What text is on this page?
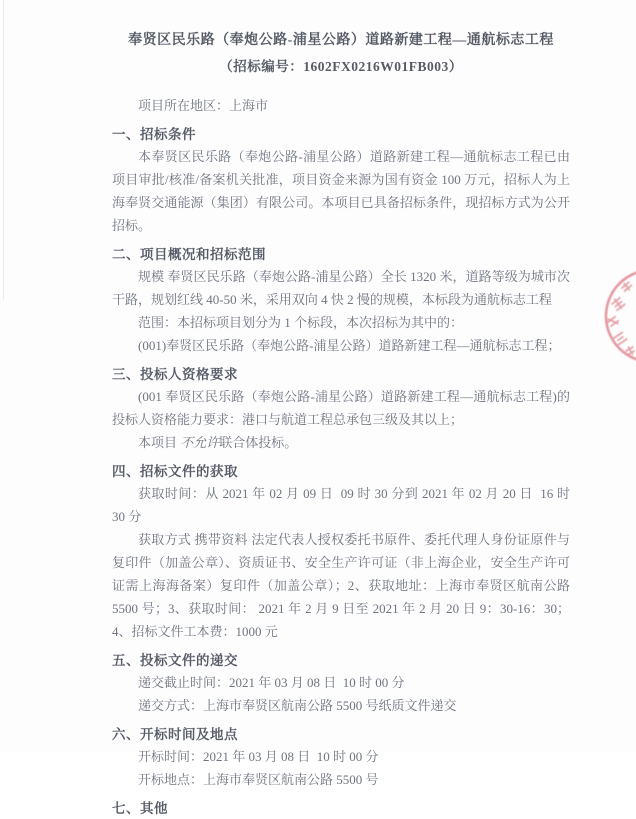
奉贤区民乐路（奉炮公路-浦星公路）道路新建工程—通航标志工程
（招标编号：1602FX0216W01FB003）

项目所在地区：上海市

一、招标条件

本奉贤区民乐路（奉炮公路-浦星公路）道路新建工程—通航标志工程已由项目审批/核准/备案机关批准，项目资金来源为国有资金 100 万元，招标人为上海奉贤交通能源（集团）有限公司。本项目已具备招标条件，现招标方式为公开招标。

二、项目概况和招标范围

规模 奉贤区民乐路（奉炮公路-浦星公路）全长 1320 米，道路等级为城市次干路，规划红线 40-50 米，采用双向 4 快 2 慢的规模，本标段为通航标志工程

范围：本招标项目划分为 1 个标段，本次招标为其中的：

(001)奉贤区民乐路（奉炮公路-浦星公路）道路新建工程—通航标志工程；

三、投标人资格要求

(001 奉贤区民乐路（奉炮公路-浦星公路）道路新建工程—通航标志工程)的投标人资格能力要求：港口与航道工程总承包三级及其以上；

本项目 不允许联合体投标。

四、招标文件的获取

获取时间：从 2021 年 02 月 09 日  09 时 30 分到 2021 年 02 月 20 日  16 时 30 分

获取方式 携带资料 法定代表人授权委托书原件、委托代理人身份证原件与复印件（加盖公章）、资质证书、安全生产许可证（非上海企业，安全生产许可证需上海海备案）复印件（加盖公章）；2、获取地址：上海市奉贤区航南公路 5500 号；3、获取时间： 2021 年 2 月 9 日至 2021 年 2 月 20 日 9：30-16：30；4、招标文件工本费：1000 元

五、投标文件的递交

递交截止时间：2021 年 03 月 08 日  10 时 00 分

递交方式：上海市奉贤区航南公路 5500 号纸质文件递交

六、开标时间及地点

开标时间：2021 年 03 月 08 日  10 时 00 分

开标地点：上海市奉贤区航南公路 5500 号

七、其他
